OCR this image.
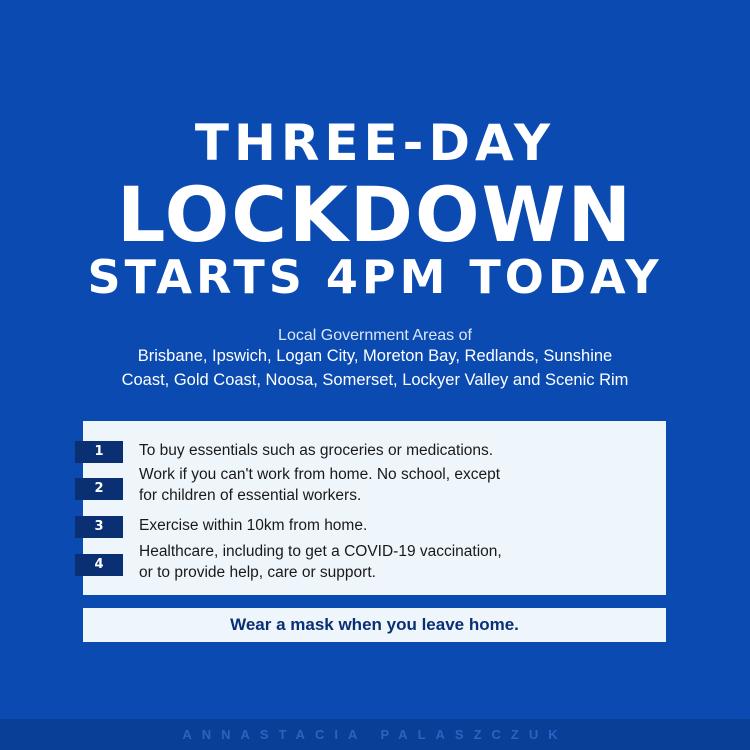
THREE-DAY
LOCKDOWN
STARTS 4PM TODAY
Local Government Areas of
Brisbane, Ipswich, Logan City, Moreton Bay, Redlands, Sunshine
Coast, Gold Coast, Noosa, Somerset, Lockyer Valley and Scenic Rim
1	To buy essentials such as groceries or medications.
2
Work if you can't work from home. No school, except
for children of essential workers.
3	Exercise within 10km from home.
4
Healthcare, including to get a COVID-19 vaccination,
or to provide help, care or support.
Wear a mask when you leave home.
ANNASTACIA PALASZCZUK
